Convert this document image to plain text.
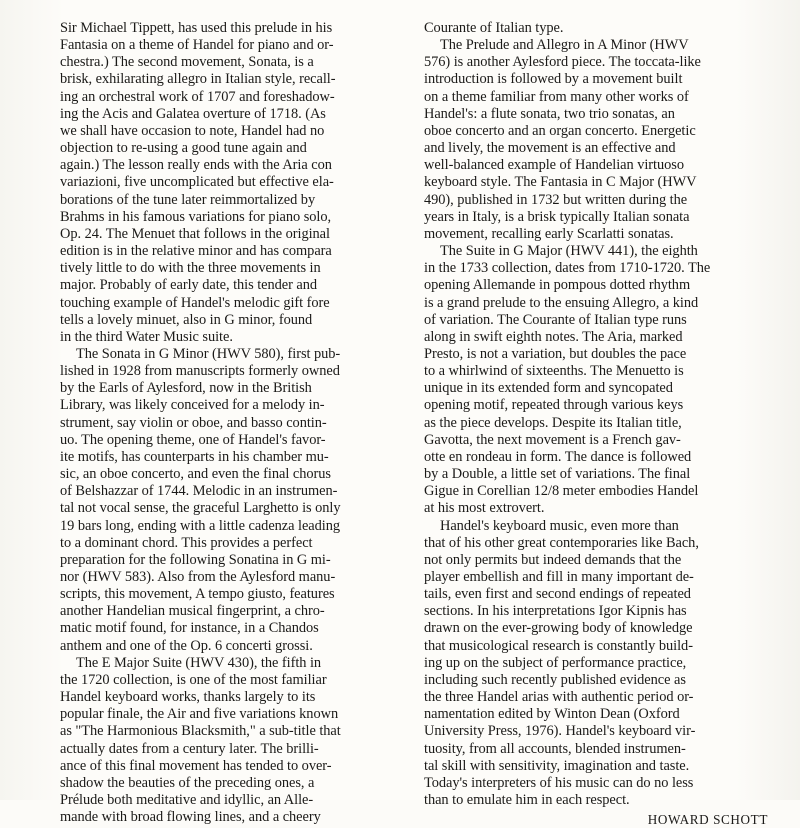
Sir Michael Tippett, has used this prelude in his
Fantasia on a theme of Handel for piano and or-
chestra.) The second movement, Sonata, is a
brisk, exhilarating allegro in Italian style, recall-
ing an orchestral work of 1707 and foreshadow-
ing the Acis and Galatea overture of 1718. (As
we shall have occasion to note, Handel had no
objection to re-using a good tune again and
again.) The lesson really ends with the Aria con
variazioni, five uncomplicated but effective ela-
borations of the tune later reimmortalized by
Brahms in his famous variations for piano solo,
Op. 24. The Menuet that follows in the original
edition is in the relative minor and has compara
tively little to do with the three movements in
major. Probably of early date, this tender and
touching example of Handel's melodic gift fore
tells a lovely minuet, also in G minor, found
in the third Water Music suite.
The Sonata in G Minor (HWV 580), first pub-
lished in 1928 from manuscripts formerly owned
by the Earls of Aylesford, now in the British
Library, was likely conceived for a melody in-
strument, say violin or oboe, and basso contin-
uo. The opening theme, one of Handel's favor-
ite motifs, has counterparts in his chamber mu-
sic, an oboe concerto, and even the final chorus
of Belshazzar of 1744. Melodic in an instrumen-
tal not vocal sense, the graceful Larghetto is only
19 bars long, ending with a little cadenza leading
to a dominant chord. This provides a perfect
preparation for the following Sonatina in G mi-
nor (HWV 583). Also from the Aylesford manu-
scripts, this movement, A tempo giusto, features
another Handelian musical fingerprint, a chro-
matic motif found, for instance, in a Chandos
anthem and one of the Op. 6 concerti grossi.
The E Major Suite (HWV 430), the fifth in
the 1720 collection, is one of the most familiar
Handel keyboard works, thanks largely to its
popular finale, the Air and five variations known
as "The Harmonious Blacksmith," a sub-title that
actually dates from a century later. The brilli-
ance of this final movement has tended to over-
shadow the beauties of the preceding ones, a
Prélude both meditative and idyllic, an Alle-
mande with broad flowing lines, and a cheery
Courante of Italian type.
The Prelude and Allegro in A Minor (HWV
576) is another Aylesford piece. The toccata-like
introduction is followed by a movement built
on a theme familiar from many other works of
Handel's: a flute sonata, two trio sonatas, an
oboe concerto and an organ concerto. Energetic
and lively, the movement is an effective and
well-balanced example of Handelian virtuoso
keyboard style. The Fantasia in C Major (HWV
490), published in 1732 but written during the
years in Italy, is a brisk typically Italian sonata
movement, recalling early Scarlatti sonatas.
The Suite in G Major (HWV 441), the eighth
in the 1733 collection, dates from 1710-1720. The
opening Allemande in pompous dotted rhythm
is a grand prelude to the ensuing Allegro, a kind
of variation. The Courante of Italian type runs
along in swift eighth notes. The Aria, marked
Presto, is not a variation, but doubles the pace
to a whirlwind of sixteenths. The Menuetto is
unique in its extended form and syncopated
opening motif, repeated through various keys
as the piece develops. Despite its Italian title,
Gavotta, the next movement is a French gav-
otte en rondeau in form. The dance is followed
by a Double, a little set of variations. The final
Gigue in Corellian 12/8 meter embodies Handel
at his most extrovert.
Handel's keyboard music, even more than
that of his other great contemporaries like Bach,
not only permits but indeed demands that the
player embellish and fill in many important de-
tails, even first and second endings of repeated
sections. In his interpretations Igor Kipnis has
drawn on the ever-growing body of knowledge
that musicological research is constantly build-
ing up on the subject of performance practice,
including such recently published evidence as
the three Handel arias with authentic period or-
namentation edited by Winton Dean (Oxford
University Press, 1976). Handel's keyboard vir-
tuosity, from all accounts, blended instrumen-
tal skill with sensitivity, imagination and taste.
Today's interpreters of his music can do no less
than to emulate him in each respect.
HOWARD SCHOTT
